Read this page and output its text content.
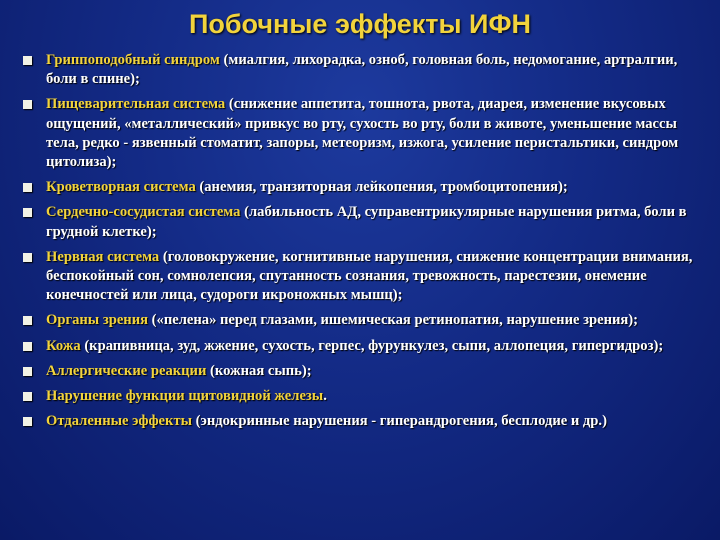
Побочные эффекты ИФН
Гриппоподобный синдром (миалгия, лихорадка, озноб, головная боль, недомогание, артралгии, боли в спине);
Пищеварительная система (снижение аппетита, тошнота, рвота, диарея, изменение вкусовых ощущений, «металлический» привкус во рту, сухость во рту, боли в животе, уменьшение массы тела, редко - язвенный стоматит, запоры, метеоризм, изжога, усиление перистальтики, синдром цитолиза);
Кроветворная система (анемия, транзиторная лейкопения, тромбоцитопения);
Сердечно-сосудистая система (лабильность АД, суправентрикулярные нарушения ритма, боли в грудной клетке);
Нервная система (головокружение, когнитивные нарушения, снижение концентрации внимания, беспокойный сон, сомнолепсия, спутанность сознания, тревожность, парестезии, онемение конечностей или лица, судороги икроножных мышц);
Органы зрения («пелена» перед глазами, ишемическая ретинопатия, нарушение зрения);
Кожа (крапивница, зуд, жжение, сухость, герпес, фурункулез, сыпи, аллопеция, гипергидроз);
Аллергические реакции (кожная сыпь);
Нарушение функции щитовидной железы.
Отдаленные эффекты (эндокринные нарушения - гиперандрогения, бесплодие и др.)
